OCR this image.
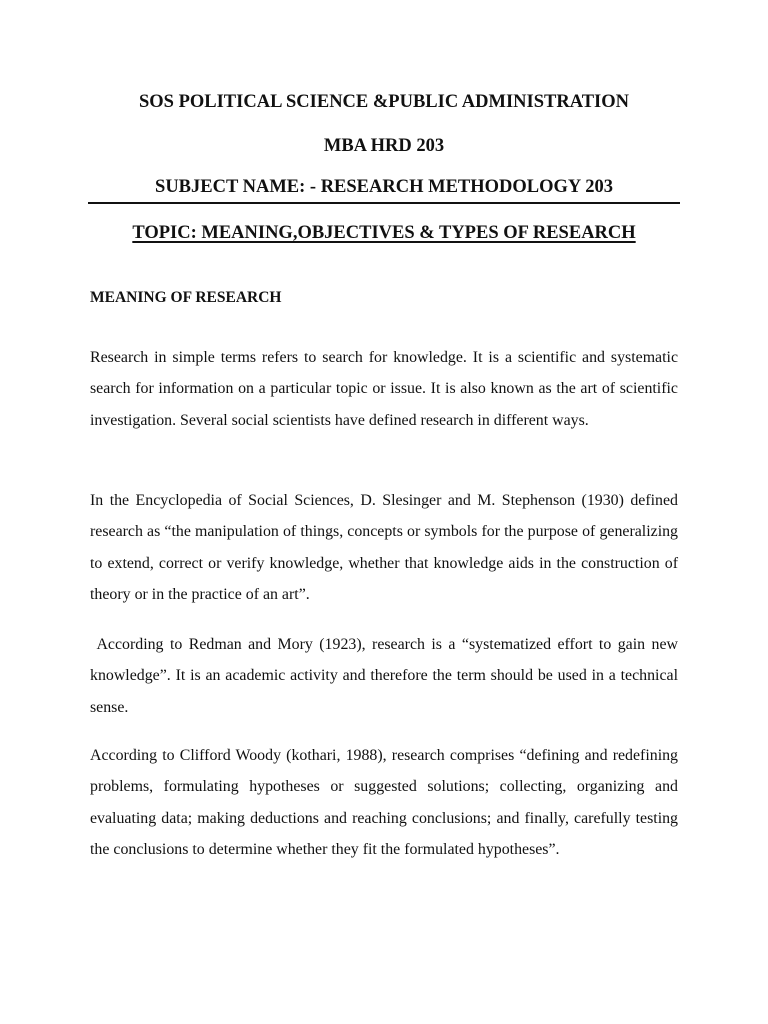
SOS POLITICAL SCIENCE &PUBLIC ADMINISTRATION
MBA HRD 203
SUBJECT NAME: - RESEARCH METHODOLOGY 203
TOPIC: MEANING,OBJECTIVES & TYPES OF RESEARCH
MEANING OF RESEARCH

Research in simple terms refers to search for knowledge. It is a scientific and systematic search for information on a particular topic or issue. It is also known as the art of scientific investigation. Several social scientists have defined research in different ways.

In the Encyclopedia of Social Sciences, D. Slesinger and M. Stephenson (1930) defined research as “the manipulation of things, concepts or symbols for the purpose of generalizing to extend, correct or verify knowledge, whether that knowledge aids in the construction of theory or in the practice of an art”.

According to Redman and Mory (1923), research is a “systematized effort to gain new knowledge”. It is an academic activity and therefore the term should be used in a technical sense.

According to Clifford Woody (kothari, 1988), research comprises “defining and redefining problems, formulating hypotheses or suggested solutions; collecting, organizing and evaluating data; making deductions and reaching conclusions; and finally, carefully testing the conclusions to determine whether they fit the formulated hypotheses”.
